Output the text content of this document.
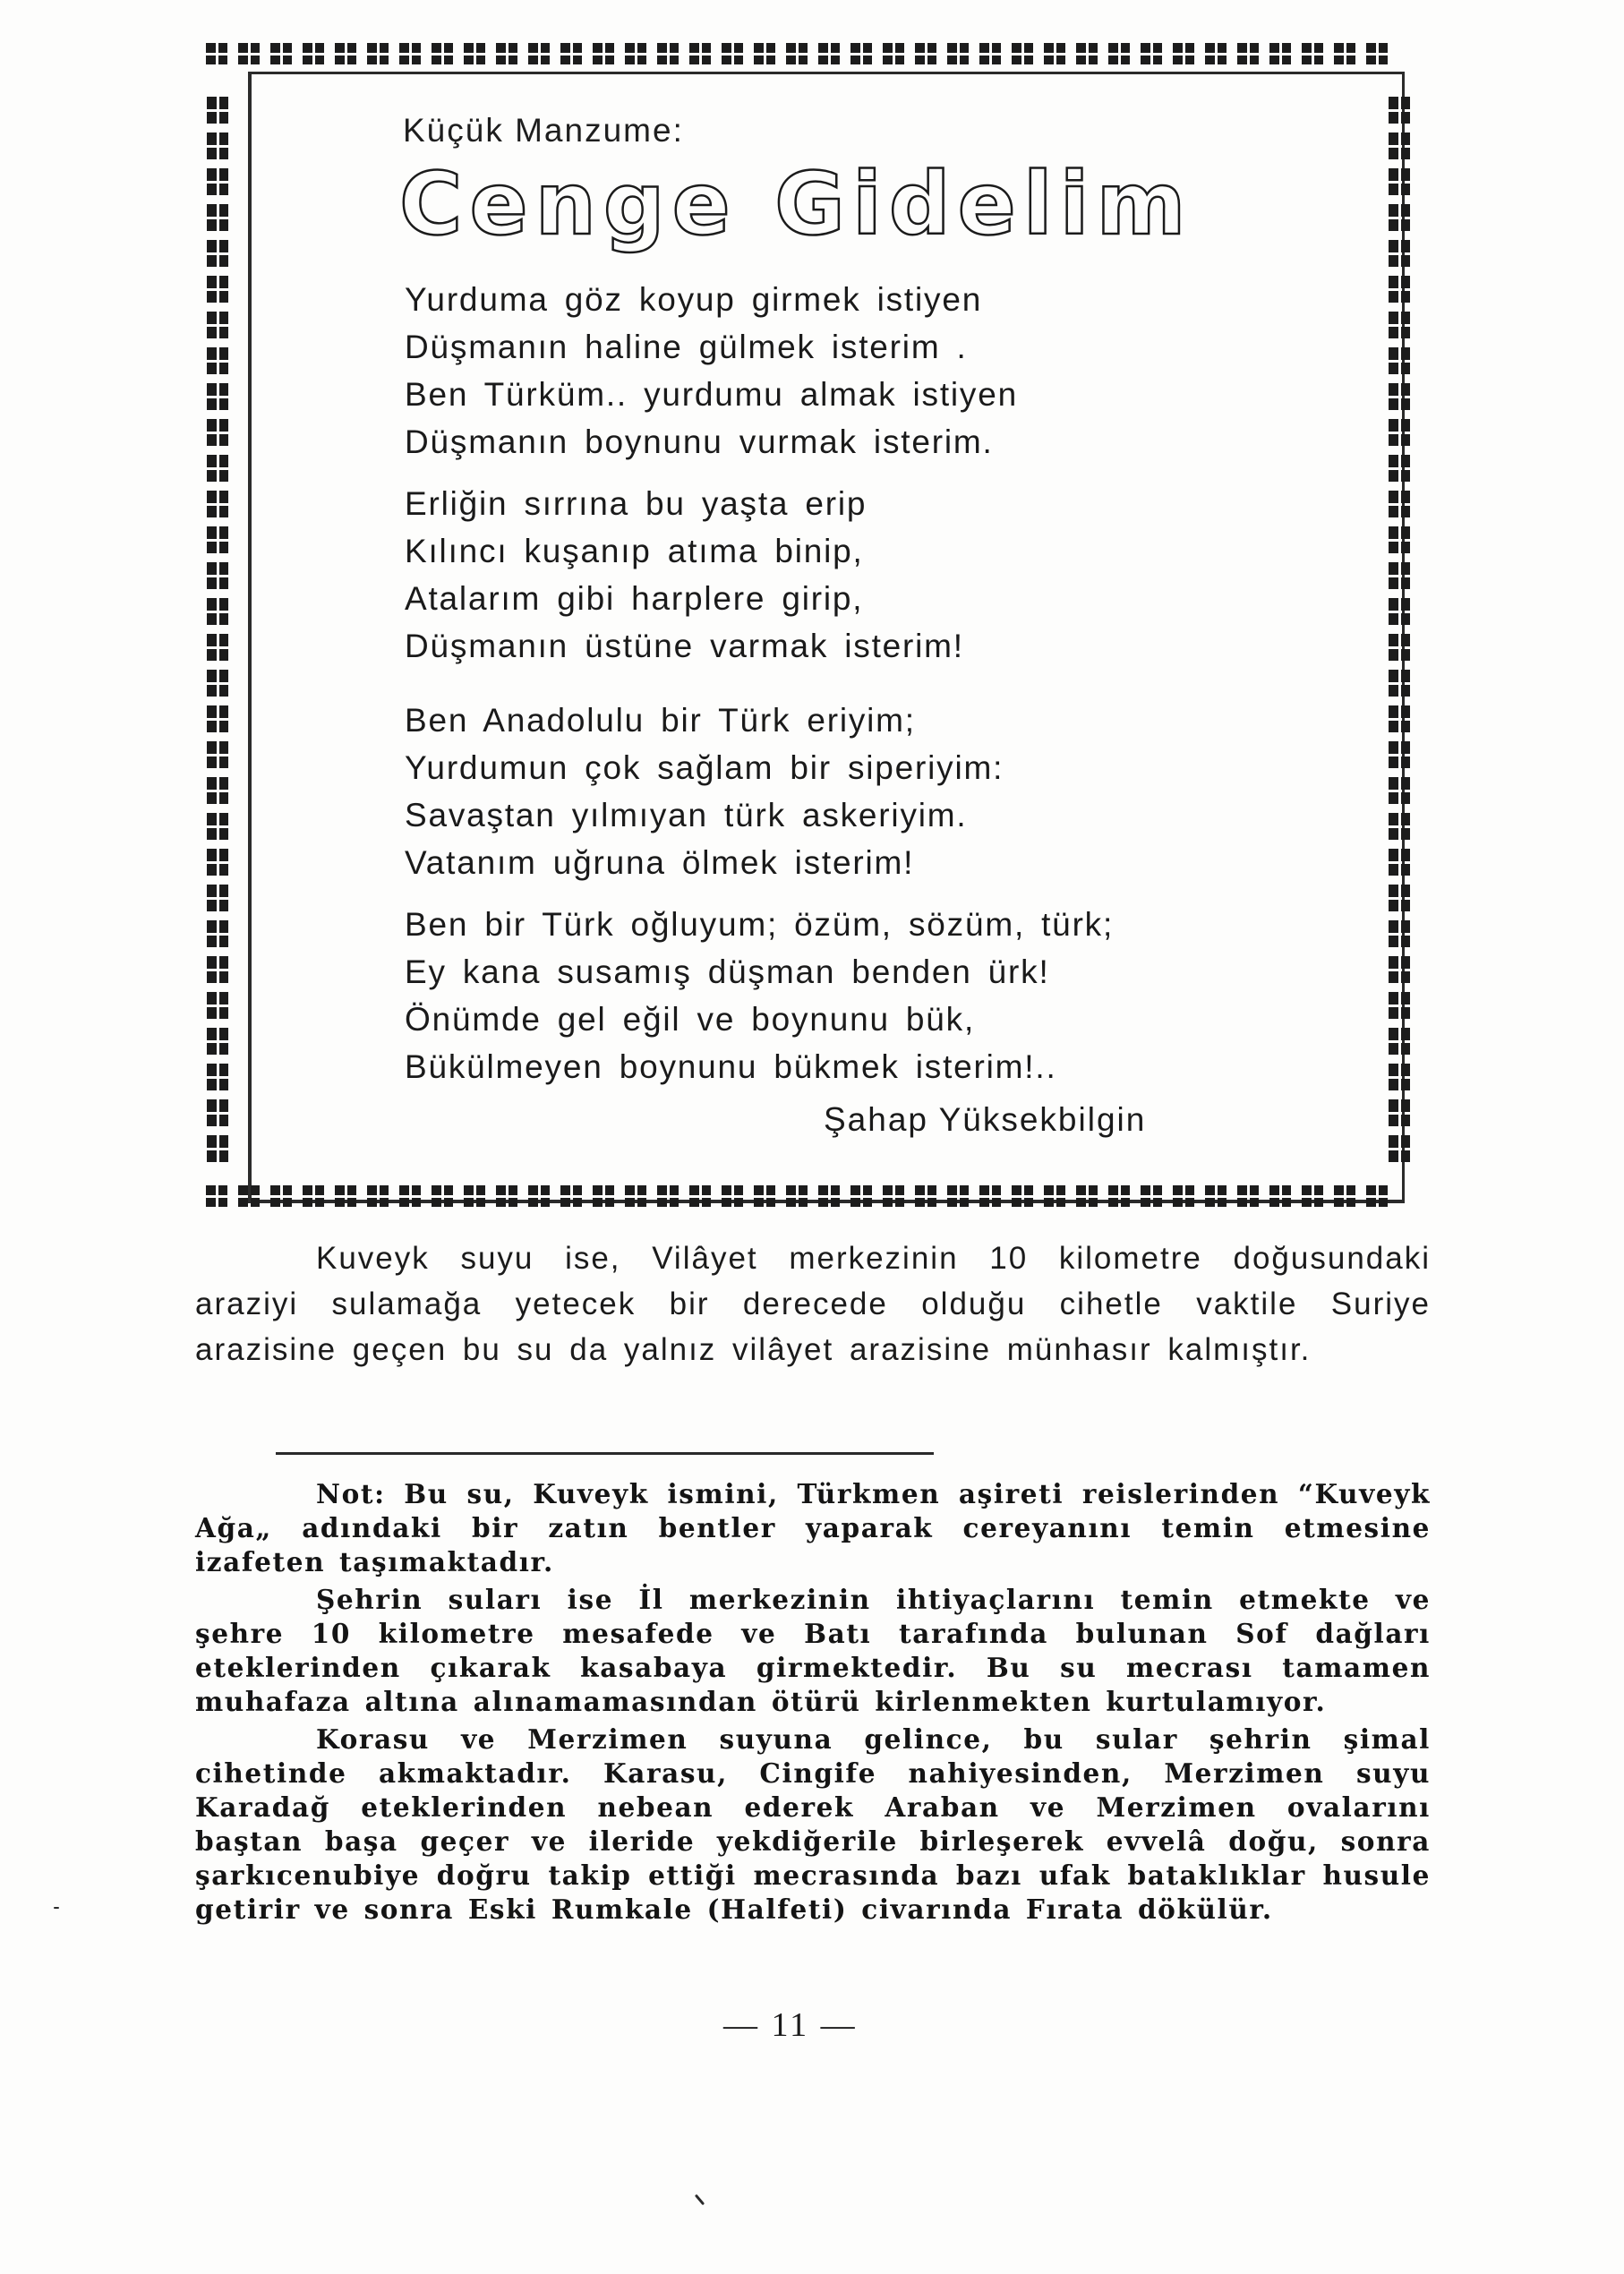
Küçük Manzume:
Cenge Gidelim
Yurduma göz koyup girmek istiyen
Düşmanın haline gülmek isterim .
Ben Türküm.. yurdumu almak istiyen
Düşmanın boynunu vurmak isterim.
Erliğin sırrına bu yaşta erip
Kılıncı kuşanıp atıma binip,
Atalarım gibi harplere girip,
Düşmanın üstüne varmak isterim!
Ben Anadolulu bir Türk eriyim;
Yurdumun çok sağlam bir siperiyim:
Savaştan yılmıyan türk askeriyim.
Vatanım uğruna ölmek isterim!
Ben bir Türk oğluyum; özüm, sözüm, türk;
Ey kana susamış düşman benden ürk!
Önümde gel eğil ve boynunu bük,
Bükülmeyen boynunu bükmek isterim!..

Şahap Yüksekbilgin

Kuveyk suyu ise, Vilâyet merkezinin 10 kilometre doğusundaki araziyi sulamağa yetecek bir derecede olduğu cihetle vaktile Suriye arazisine geçen bu su da yalnız vilâyet arazisine münhasır kalmıştır.

Not: Bu su, Kuveyk ismini, Türkmen aşireti reislerinden “Kuveyk Ağa„ adındaki bir zatın bentler yaparak cereyanını temin etmesine izafeten taşımaktadır.

Şehrin suları ise İl merkezinin ihtiyaçlarını temin etmekte ve şehre 10 kilometre mesafede ve Batı tarafında bulunan Sof dağları eteklerinden çıkarak kasabaya girmektedir. Bu su mecrası tamamen muhafaza altına alınamamasından ötürü kirlenmekten kurtulamıyor.

Korasu ve Merzimen suyuna gelince, bu sular şehrin şimal cihetinde akmaktadır. Karasu, Cingife nahiyesinden, Merzimen suyu Karadağ eteklerinden nebean ederek Araban ve Merzimen ovalarını baştan başa geçer ve ileride yekdiğerile birleşerek evvelâ doğu, sonra şarkıcenubiye doğru takip ettiği mecrasında bazı ufak bataklıklar husule getirir ve sonra Eski Rumkale (Halfeti) civarında Fırata dökülür.

— 11 —
